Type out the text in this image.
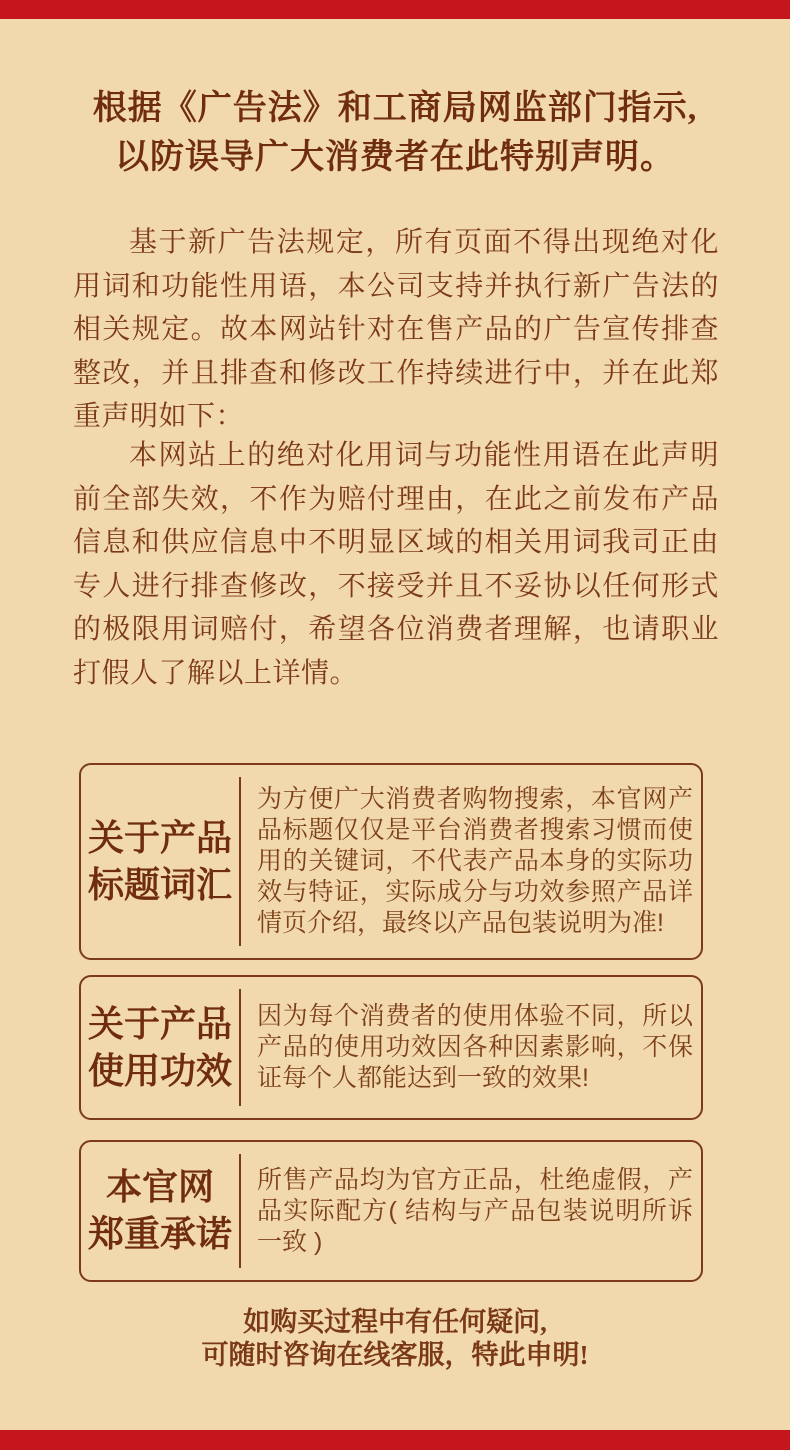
根据《广告法》和工商局网监部门指示,
以防误导广大消费者在此特别声明。

基于新广告法规定，所有页面不得出现绝对化用词和功能性用语，本公司支持并执行新广告法的相关规定。故本网站针对在售产品的广告宣传排查整改，并且排查和修改工作持续进行中，并在此郑重声明如下：

本网站上的绝对化用词与功能性用语在此声明前全部失效，不作为赔付理由，在此之前发布产品信息和供应信息中不明显区域的相关用词我司正由专人进行排查修改，不接受并且不妥协以任何形式的极限用词赔付，希望各位消费者理解，也请职业打假人了解以上详情。

关于产品
标题词汇
为方便广大消费者购物搜索，本官网产品标题仅仅是平台消费者搜索习惯而使用的关键词，不代表产品本身的实际功效与特证，实际成分与功效参照产品详情页介绍，最终以产品包装说明为准!
关于产品
使用功效
因为每个消费者的使用体验不同，所以产品的使用功效因各种因素影响，不保证每个人都能达到一致的效果!
本官网
郑重承诺
所售产品均为官方正品，杜绝虚假，产品实际配方( 结构与产品包装说明所诉一致 )
如购买过程中有任何疑问,
可随时咨询在线客服，特此申明!
